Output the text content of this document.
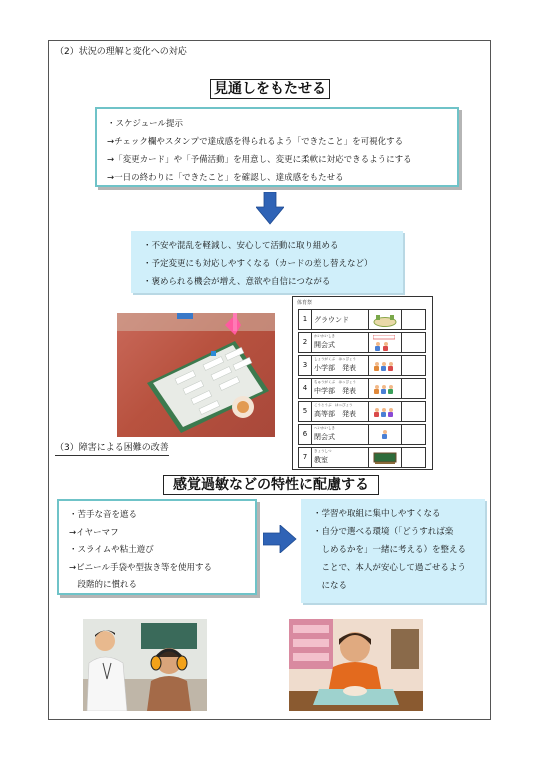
（2）状況の理解と変化への対応
見通しをもたせる
・スケジュール提示
→チェック欄やスタンプで達成感を得られるよう「できたこと」を可視化する
→「変更カード」や「予備活動」を用意し、変更に柔軟に対応できるようにする
→一日の終わりに「できたこと」を確認し、達成感をもたせる
・不安や混乱を軽減し、安心して活動に取り組める
・予定変更にも対応しやすくなる（カードの差し替えなど）
・褒められる機会が増え、意欲や自信につながる
体育祭
1 グラウンド
2
かいかいしき
開会式
3
しょうがくぶ　はっぴょう
小学部　発表
4
ちゅうがくぶ　はっぴょう
中学部　発表
5
こうとうぶ　はっぴょう
高等部　発表
6
へいかいしき
閉会式
7
きょうしつ
教室
（3）障害による困難の改善
感覚過敏などの特性に配慮する
・苦手な音を遮る
→イヤーマフ
・スライムや粘土遊び
→ビニール手袋や型抜き等を使用する
　段階的に慣れる
・学習や取組に集中しやすくなる
・自分で選べる環境（「どうすれば楽
　しめるかを」一緒に考える）を整える
　ことで、本人が安心して過ごせるよう
　になる
